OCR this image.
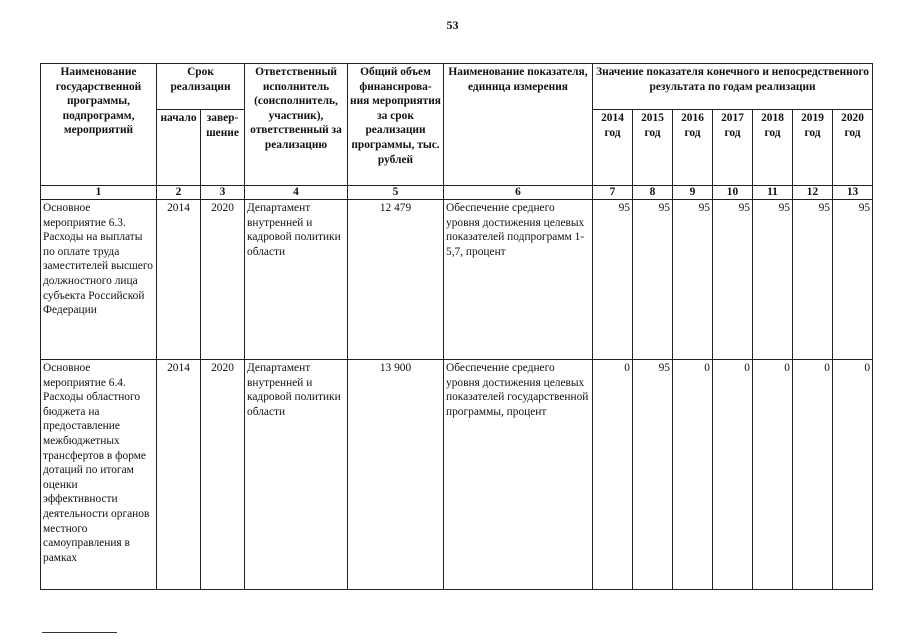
53
Наименование государственной программы, подпрограмм, мероприятий	Срок реализации		Ответственный исполнитель (соисполнитель, участник), ответственный за реализацию	Общий объем финансирова-ния мероприятия за срок реализации программы, тыс. рублей	Наименование показателя, единица измерения	Значение показателя конечного и непосредственного результата по годам реализации						
	начало	завер-шение				2014 год	2015 год	2016 год	2017 год	2018 год	2019 год	2020 год
1	2	3	4	5	6	7	8	9	10	11	12	13
Основное мероприятие 6.3. Расходы на выплаты по оплате труда заместителей высшего должностного лица субъекта Российской Федерации	2014	2020	Департамент внутренней и кадровой политики области	12 479	Обеспечение среднего уровня достижения целевых показателей подпрограмм 1-5,7, процент	95	95	95	95	95	95	95
Основное мероприятие 6.4. Расходы областного бюджета на предоставление межбюджетных трансфертов в форме дотаций по итогам оценки эффективности деятельности органов местного самоуправления в рамках	2014	2020	Департамент внутренней и кадровой политики области	13 900	Обеспечение среднего уровня достижения целевых показателей государственной программы, процент	0	95	0	0	0	0	0
